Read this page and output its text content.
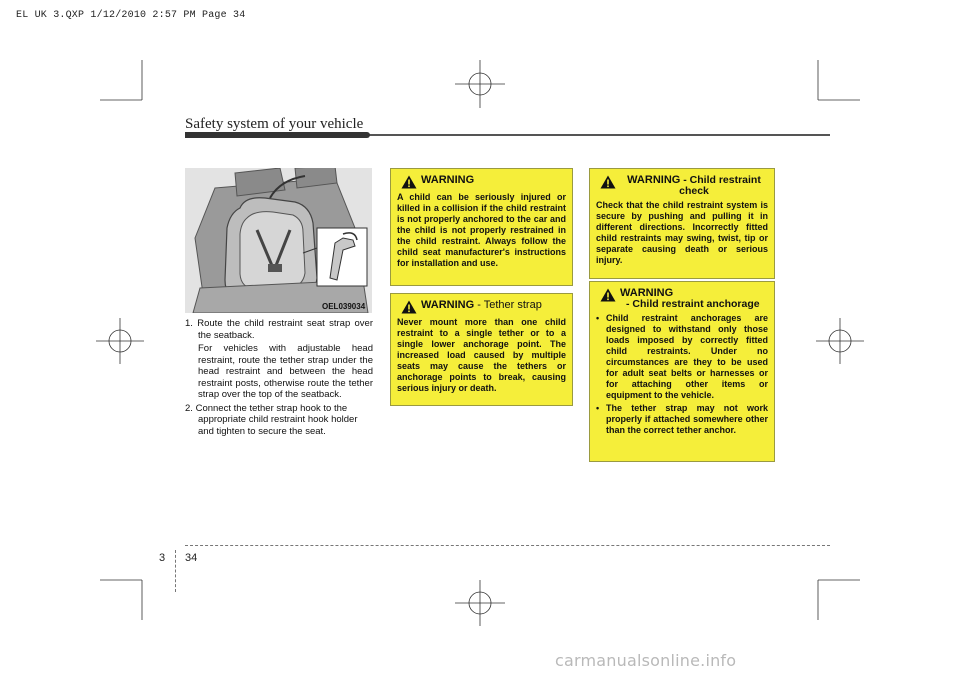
EL UK 3.QXP 1/12/2010 2:57 PM Page 34
Safety system of your vehicle
OEL039034

1. Route the child restraint seat strap over the seatback.

For vehicles with adjustable head restraint, route the tether strap under the head restraint and between the head restraint posts, otherwise route the tether strap over the top of the seatback.

2. Connect the tether strap hook to the appropriate child restraint hook holder and tighten to secure the seat.

WARNING
A child can be seriously injured or killed in a collision if the child restraint is not properly anchored to the car and the child is not properly restrained in the child restraint. Always follow the child seat manufacturer's instructions for installation and use.
WARNING - Tether strap
Never mount more than one child restraint to a single tether or to a single lower anchorage point. The increased load caused by multiple seats may cause the tethers or anchorage points to break, causing serious injury or death.
WARNING - Child restraint check
Check that the child restraint system is secure by pushing and pulling it in different directions. Incorrectly fitted child restraints may swing, twist, tip or separate causing death or serious injury.
WARNING
- Child restraint anchorage
• Child restraint anchorages are designed to withstand only those loads imposed by correctly fitted child restraints. Under no circumstances are they to be used for adult seat belts or harnesses or for attaching other items or equipment to the vehicle.
• The tether strap may not work properly if attached somewhere other than the correct tether anchor.
3 34
carmanualsonline.info
